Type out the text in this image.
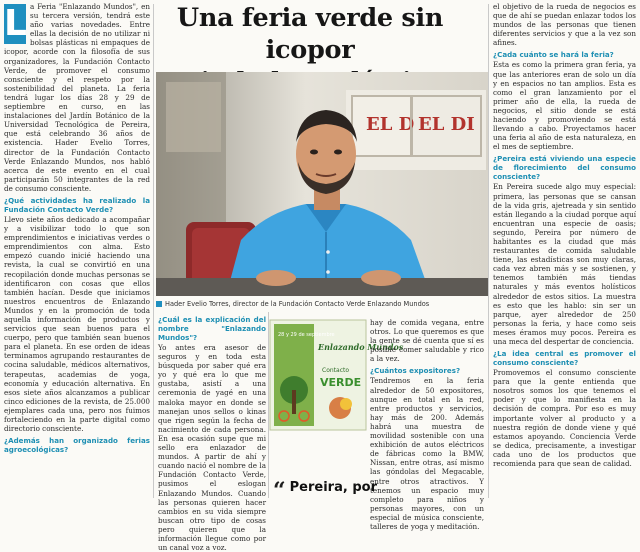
L a Feria "Enlazando Mundos", en su tercera versión, tendrá este año varias novedades. Entre ellas la decisión de no utilizar ni bolsas plásticas ni empaques de icopor, acorde con la filosofía de sus organizadores, la Fundación Contacto Verde, de promover el consumo consciente y el respeto por la sostenibilidad del planeta. La feria tendrá lugar los días 28 y 29 de septiembre en curso, en las instalaciones del Jardín Botánico de la Universidad Tecnológica de Pereira, que está celebrando 36 años de existencia. Hader Evelio Torres, director de la Fundación Contacto Verde Enlazando Mundos, nos habló acerca de este evento en el cual participarán 50 integrantes de la red de consumo consciente.

¿Qué actividades ha realizado la Fundación Contacto Verde?

Llevo siete años dedicado a acompañar y a visibilizar todo lo que son emprendimientos e iniciativas verdes o emprendimientos con alma. Esto empezó cuando inicié haciendo una revista, la cual se convirtió en una recopilación donde muchas personas se identificaron con cosas que ellos también hacían. Desde que iniciamos nuestros encuentros de Enlazando Mundos y en la promoción de toda aquella información de productos y servicios que sean buenos para el cuerpo, pero que también sean buenos para el planeta. En ese orden de ideas terminamos agrupando restaurantes de cocina saludable, médicos alternativos, terapeutas, academias de yoga, economía y educación alternativa. En esos siete años alcanzamos a publicar cinco ediciones de la revista, de 25.000 ejemplares cada una, pero nos fuimos fortaleciendo en la parte digital como directorio consciente.

¿Además han organizado ferias agroecológicas?
Una feria verde sin icopor
EL D EL DI
Hader Evelio Torres, director de la Fundación Contacto Verde Enlazando Mundos
¿Cuál es la explicación del nombre "Enlazando Mundos"?

Yo antes era asesor de seguros y en toda esta búsqueda por saber qué era yo y qué era lo que me gustaba, asistí a una ceremonia de yagé en una maloka mayor en donde se manejan unos sellos o kinas que rigen según la fecha de nacimiento de cada persona. En esa ocasión supe que mi sello era enlazador de mundos. A partir de ahí y cuando nació el nombre de la Fundación Contacto Verde, pusimos el eslogan Enlazando Mundos. Cuando las personas quieren hacer cambios en su vida siempre buscan otro tipo de cosas pero quieren que la información llegue como por un canal voz a voz.

28 y 29 de septiembre
Enlazando Mundos
Contacto
VERDE

hay de comida vegana, entre otros. Lo que queremos es que la gente se dé cuenta que sí es posible comer saludable y rico a la vez.

¿Cuántos expositores?

Tendremos en la feria alrededor de 50 expositores, aunque en total en la red, entre productos y servicios, hay más de 200. Además habrá una muestra de movilidad sostenible con una exhibición de autos eléctricos de fábricas como la BMW, Nissan, entre otras, así mismo las góndolas del Megacable, entre otros atractivos. Y tenemos un espacio muy completo para niños y personas mayores, con un especial de música consciente, talleres de yoga y meditación.

“ Pereira, por

el objetivo de la rueda de negocios es que de ahí se puedan enlazar todos los mundos de las personas que tienen diferentes servicios y que a la vez son afines.

¿Cada cuánto se hará la feria?

Esta es como la primera gran feria, ya que las anteriores eran de solo un día y en espacios no tan amplios. Esta es como el gran lanzamiento por el primer año de ella, la rueda de negocios, el sitio donde se está haciendo y promoviendo se está llevando a cabo. Proyectamos hacer una feria al año de esta naturaleza, en el mes de septiembre.

¿Pereira está viviendo una especie de florecimiento del consumo consciente?

En Pereira sucede algo muy especial: primera, las personas que se cansan de la vida gris, ajetreada y sin sentido están llegando a la ciudad porque aquí encuentran una especie de oasis; segundo, Pereira por número de habitantes es la ciudad que más restaurantes de comida saludable tiene, las estadísticas son muy claras, cada vez abren más y se sostienen, y tenemos también más tiendas naturales y más eventos holísticos alrededor de estos sitios. La muestra es esto que les hablo: sin ser un parque, ayer alrededor de 250 personas la feria, y hace como seis meses éramos muy pocos. Pereira es una meca del despertar de conciencia.

¿La idea central es promover el consumo consciente?

Promovemos el consumo consciente para que la gente entienda que nosotros somos los que tenemos el poder y que lo manifiesta en la decisión de compra. Por eso es muy importante volver al producto y a nuestra región de donde viene y qué estamos apoyando. Conciencia Verde se dedica, precisamente, a investigar cada uno de los productos que recomienda para que sean de calidad.
